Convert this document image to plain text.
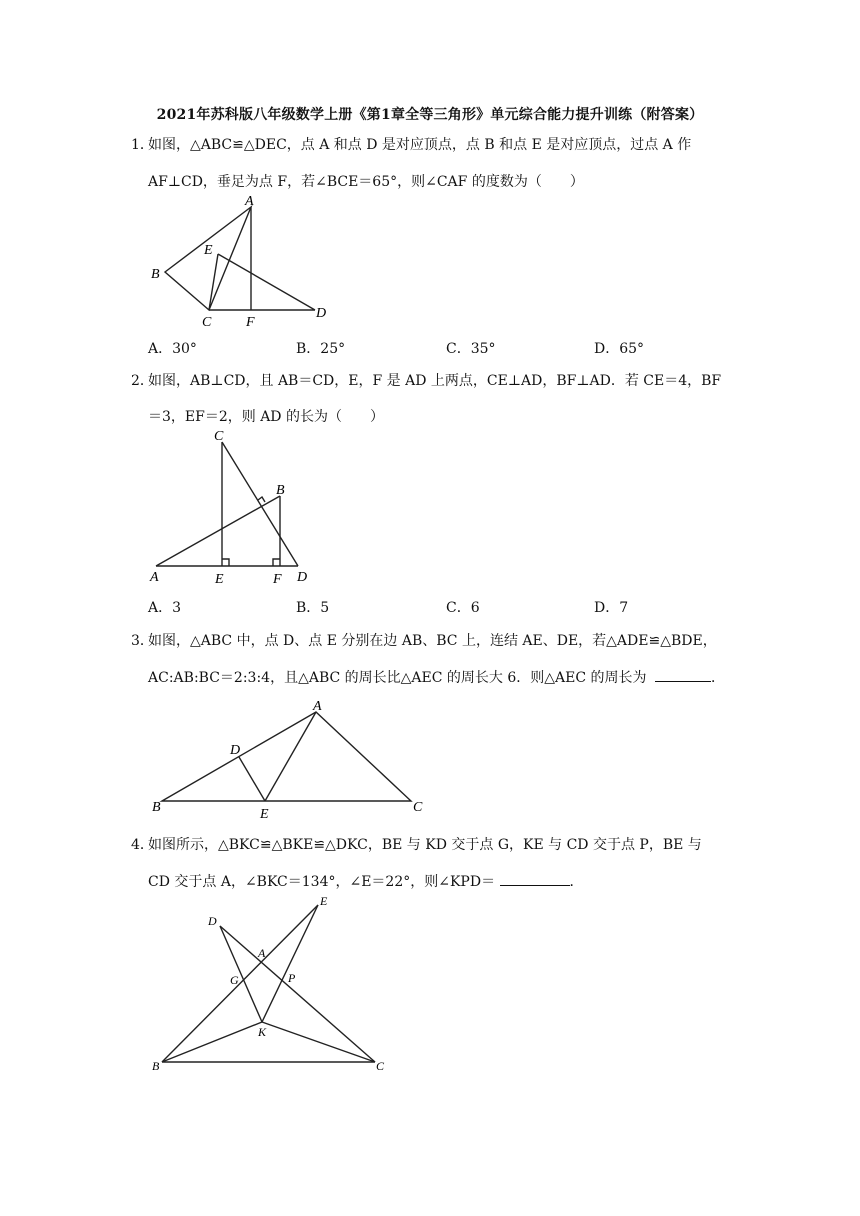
2021年苏科版八年级数学上册《第1章全等三角形》单元综合能力提升训练（附答案）
1．
如图，△ABC≌△DEC，点 A 和点 D 是对应顶点，点 B 和点 E 是对应顶点，过点 A 作
AF⊥CD，垂足为点 F，若∠BCE＝65°，则∠CAF 的度数为（　　）
A
B
E
C F
D
A．30°	B．25°	C．35°	D．65°
2．
如图，AB⊥CD，且 AB＝CD，E，F 是 AD 上两点，CE⊥AD，BF⊥AD．若 CE＝4，BF
＝3，EF＝2，则 AD 的长为（　　）
C
B
A	E	F D
A．3	B．5	C．6	D．7
3．
如图，△ABC 中，点 D、点 E 分别在边 AB、BC 上，连结 AE、DE，若△ADE≌△BDE，
AC:AB:BC＝2:3:4，且△ABC 的周长比△AEC 的周长大 6．则△AEC 的周长为	．
A
D
B	E	C
4．
如图所示，△BKC≌△BKE≌△DKC，BE 与 KD 交于点 G，KE 与 CD 交于点 P，BE 与
CD 交于点 A，∠BKC＝134°，∠E＝22°，则∠KPD＝	．
D
E
A
G	P
K
B	C
